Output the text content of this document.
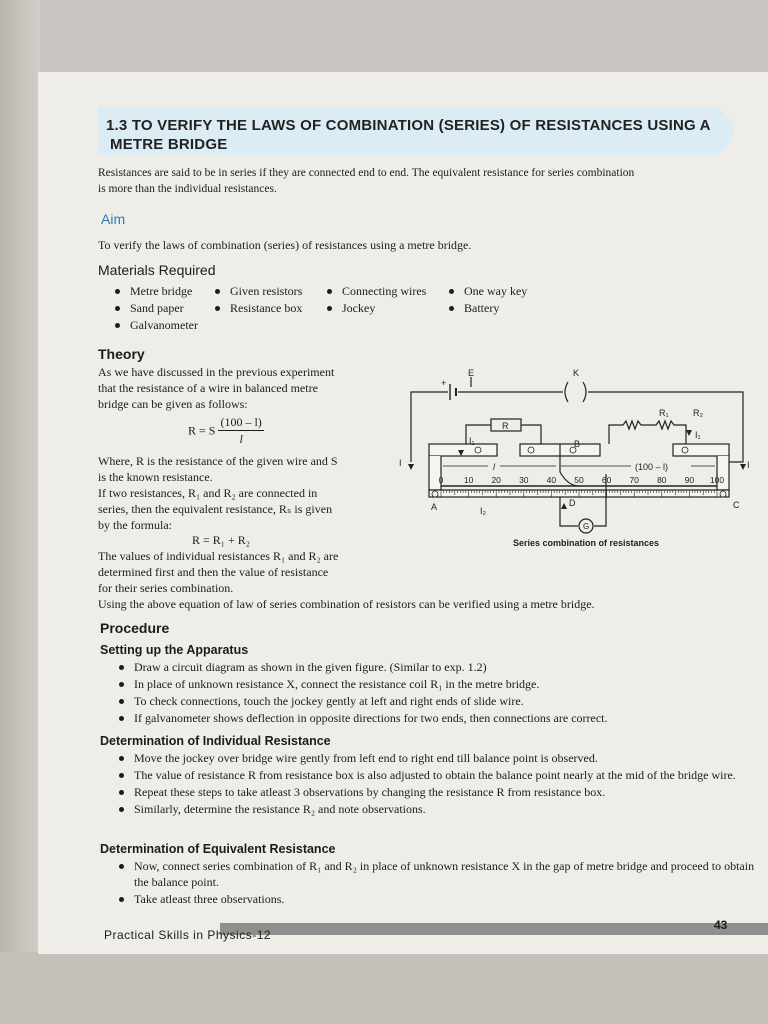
1.3 TO VERIFY THE LAWS OF COMBINATION (SERIES) OF RESISTANCES USING A
METRE BRIDGE
Resistances are said to be in series if they are connected end to end. The equivalent resistance for series combination
is more than the individual resistances.
Aim
To verify the laws of combination (series) of resistances using a metre bridge.
Materials Required
Metre bridge
Sand paper
Galvanometer
Given resistors
Resistance box
Connecting wires
Jockey
One way key
Battery
Theory
As we have discussed in the previous experiment
that the resistance of a wire in balanced metre
bridge can be given as follows:
R = S $\frac{(100 - l)}{l}$
Where, R is the resistance of the given wire and S
is the known resistance.
If two resistances, R₁ and R₂ are connected in
series, then the equivalent resistance, Rₛ is given
by the formula:
R = R₁ + R₂
The values of individual resistances R₁ and R₂ are
determined first and then the value of resistance
for their series combination.
Using the above equation of law of series combination of resistors can be verified using a metre bridge.
E
+
K
R₁	R₂
R
I	I
I₁
I₁
I₂
B
A	C
D
G
l	(100 – l)
0 10 20 30 40 50 60 70 80 90 100
Series combination of resistances
Procedure
Setting up the Apparatus
Draw a circuit diagram as shown in the given figure. (Similar to exp. 1.2)
In place of unknown resistance X, connect the resistance coil R₁ in the metre bridge.
To check connections, touch the jockey gently at left and right ends of slide wire.
If galvanometer shows deflection in opposite directions for two ends, then connections are correct.
Determination of Individual Resistance
Move the jockey over bridge wire gently from left end to right end till balance point is observed.
The value of resistance R from resistance box is also adjusted to obtain the balance point nearly at the mid of the bridge wire.
Repeat these steps to take atleast 3 observations by changing the resistance R from resistance box.
Similarly, determine the resistance R₂ and note observations.
Determination of Equivalent Resistance
Now, connect series combination of R₁ and R₂ in place of unknown resistance X in the gap of metre bridge and proceed to obtain the balance point.
Take atleast three observations.
Practical Skills in Physics-12
43
